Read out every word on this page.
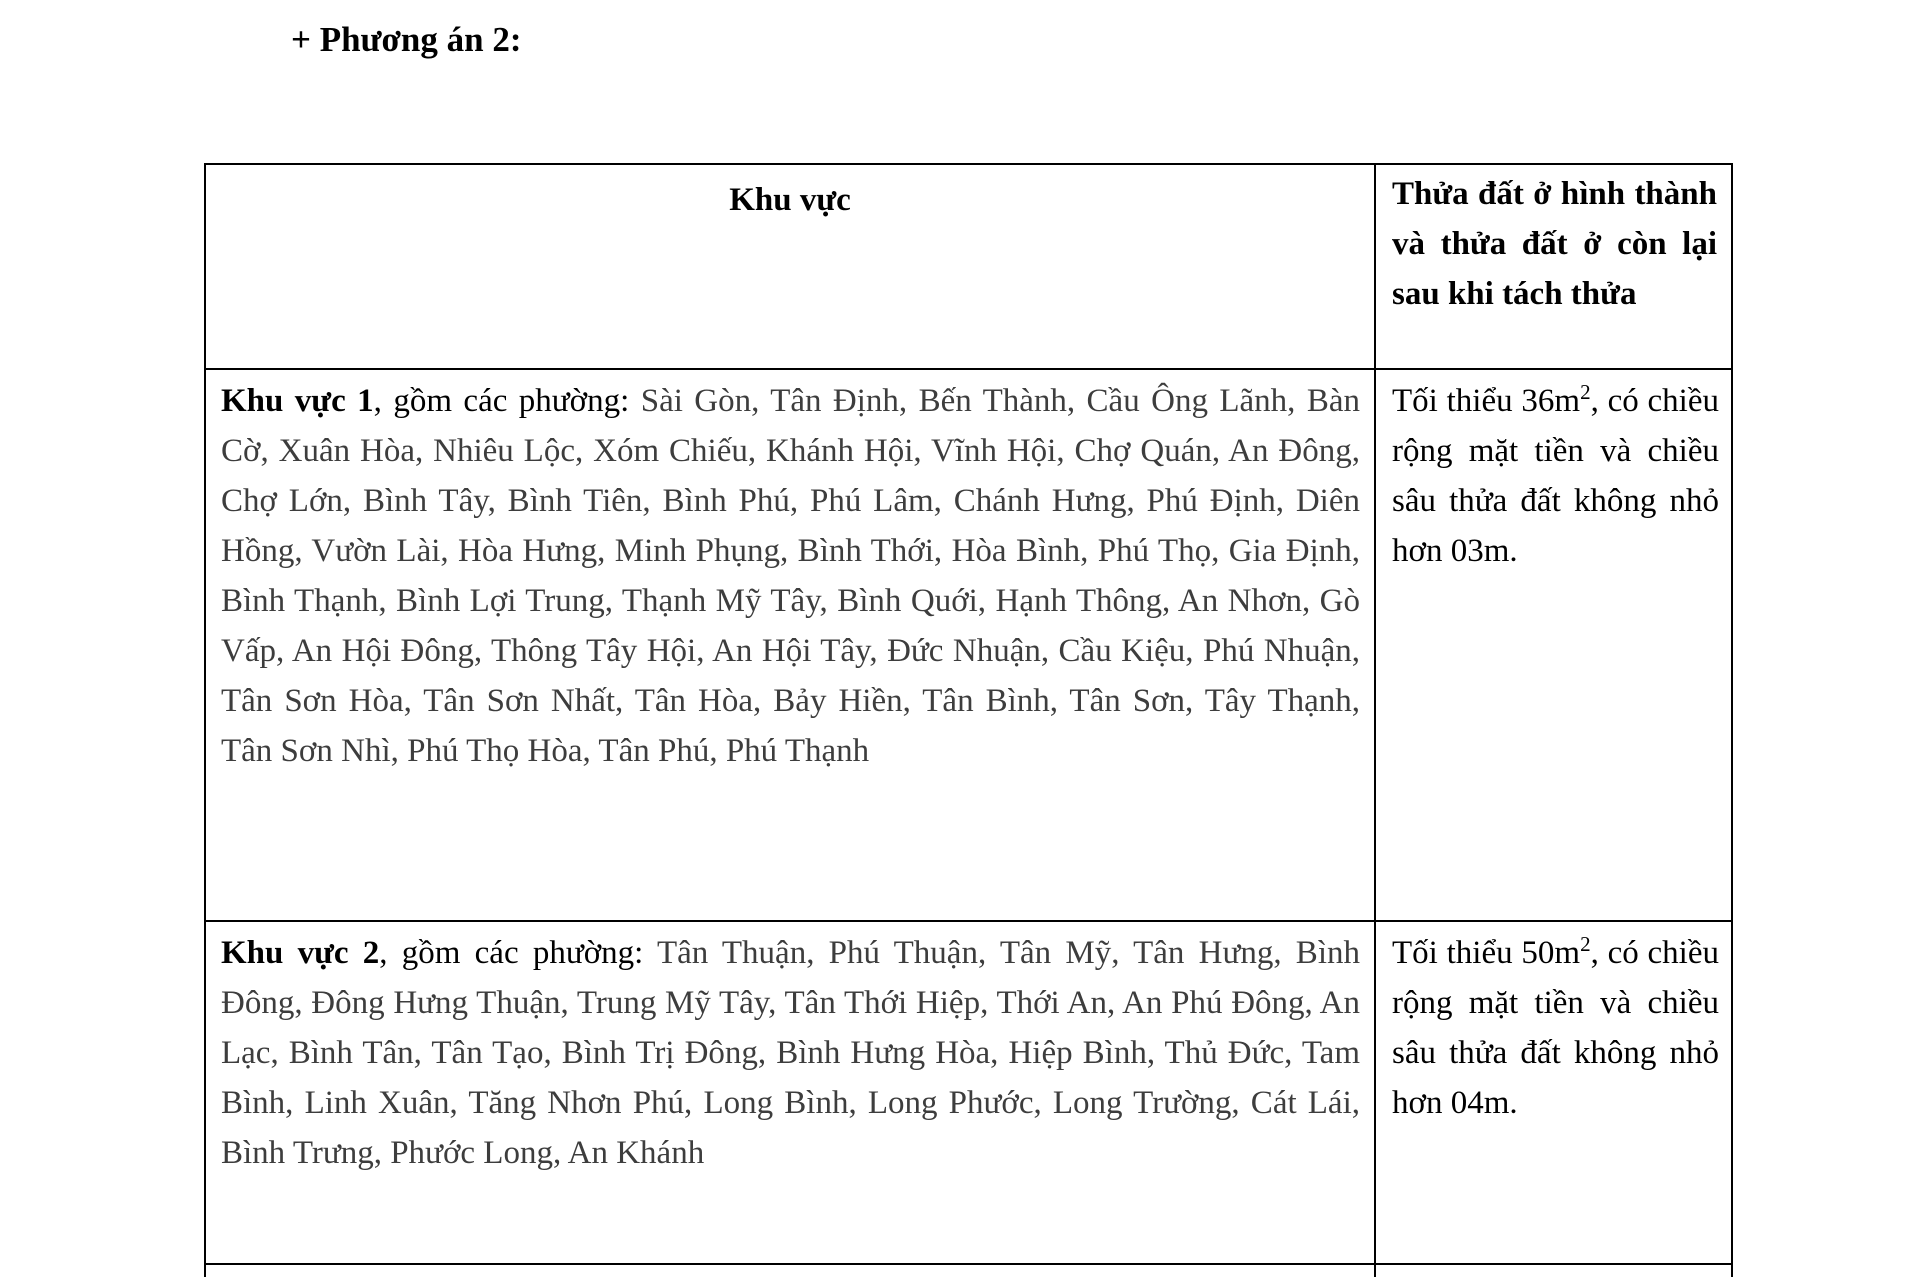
+ Phương án 2:
Khu vực	Thửa đất ở hình thành và thửa đất ở còn lại sau khi tách thửa
Khu vực 1, gồm các phường: Sài Gòn, Tân Định, Bến Thành, Cầu Ông Lãnh, Bàn Cờ, Xuân Hòa, Nhiêu Lộc, Xóm Chiếu, Khánh Hội, Vĩnh Hội, Chợ Quán, An Đông, Chợ Lớn, Bình Tây, Bình Tiên, Bình Phú, Phú Lâm, Chánh Hưng, Phú Định, Diên Hồng, Vườn Lài, Hòa Hưng, Minh Phụng, Bình Thới, Hòa Bình, Phú Thọ, Gia Định, Bình Thạnh, Bình Lợi Trung, Thạnh Mỹ Tây, Bình Quới, Hạnh Thông, An Nhơn, Gò Vấp, An Hội Đông, Thông Tây Hội, An Hội Tây, Đức Nhuận, Cầu Kiệu, Phú Nhuận, Tân Sơn Hòa, Tân Sơn Nhất, Tân Hòa, Bảy Hiền, Tân Bình, Tân Sơn, Tây Thạnh, Tân Sơn Nhì, Phú Thọ Hòa, Tân Phú, Phú Thạnh	Tối thiểu $36m^2$, có chiều rộng mặt tiền và chiều sâu thửa đất không nhỏ hơn 03m.
Khu vực 2, gồm các phường: Tân Thuận, Phú Thuận, Tân Mỹ, Tân Hưng, Bình Đông, Đông Hưng Thuận, Trung Mỹ Tây, Tân Thới Hiệp, Thới An, An Phú Đông, An Lạc, Bình Tân, Tân Tạo, Bình Trị Đông, Bình Hưng Hòa, Hiệp Bình, Thủ Đức, Tam Bình, Linh Xuân, Tăng Nhơn Phú, Long Bình, Long Phước, Long Trường, Cát Lái, Bình Trưng, Phước Long, An Khánh	Tối thiểu $50m^2$, có chiều rộng mặt tiền và chiều sâu thửa đất không nhỏ hơn 04m.
